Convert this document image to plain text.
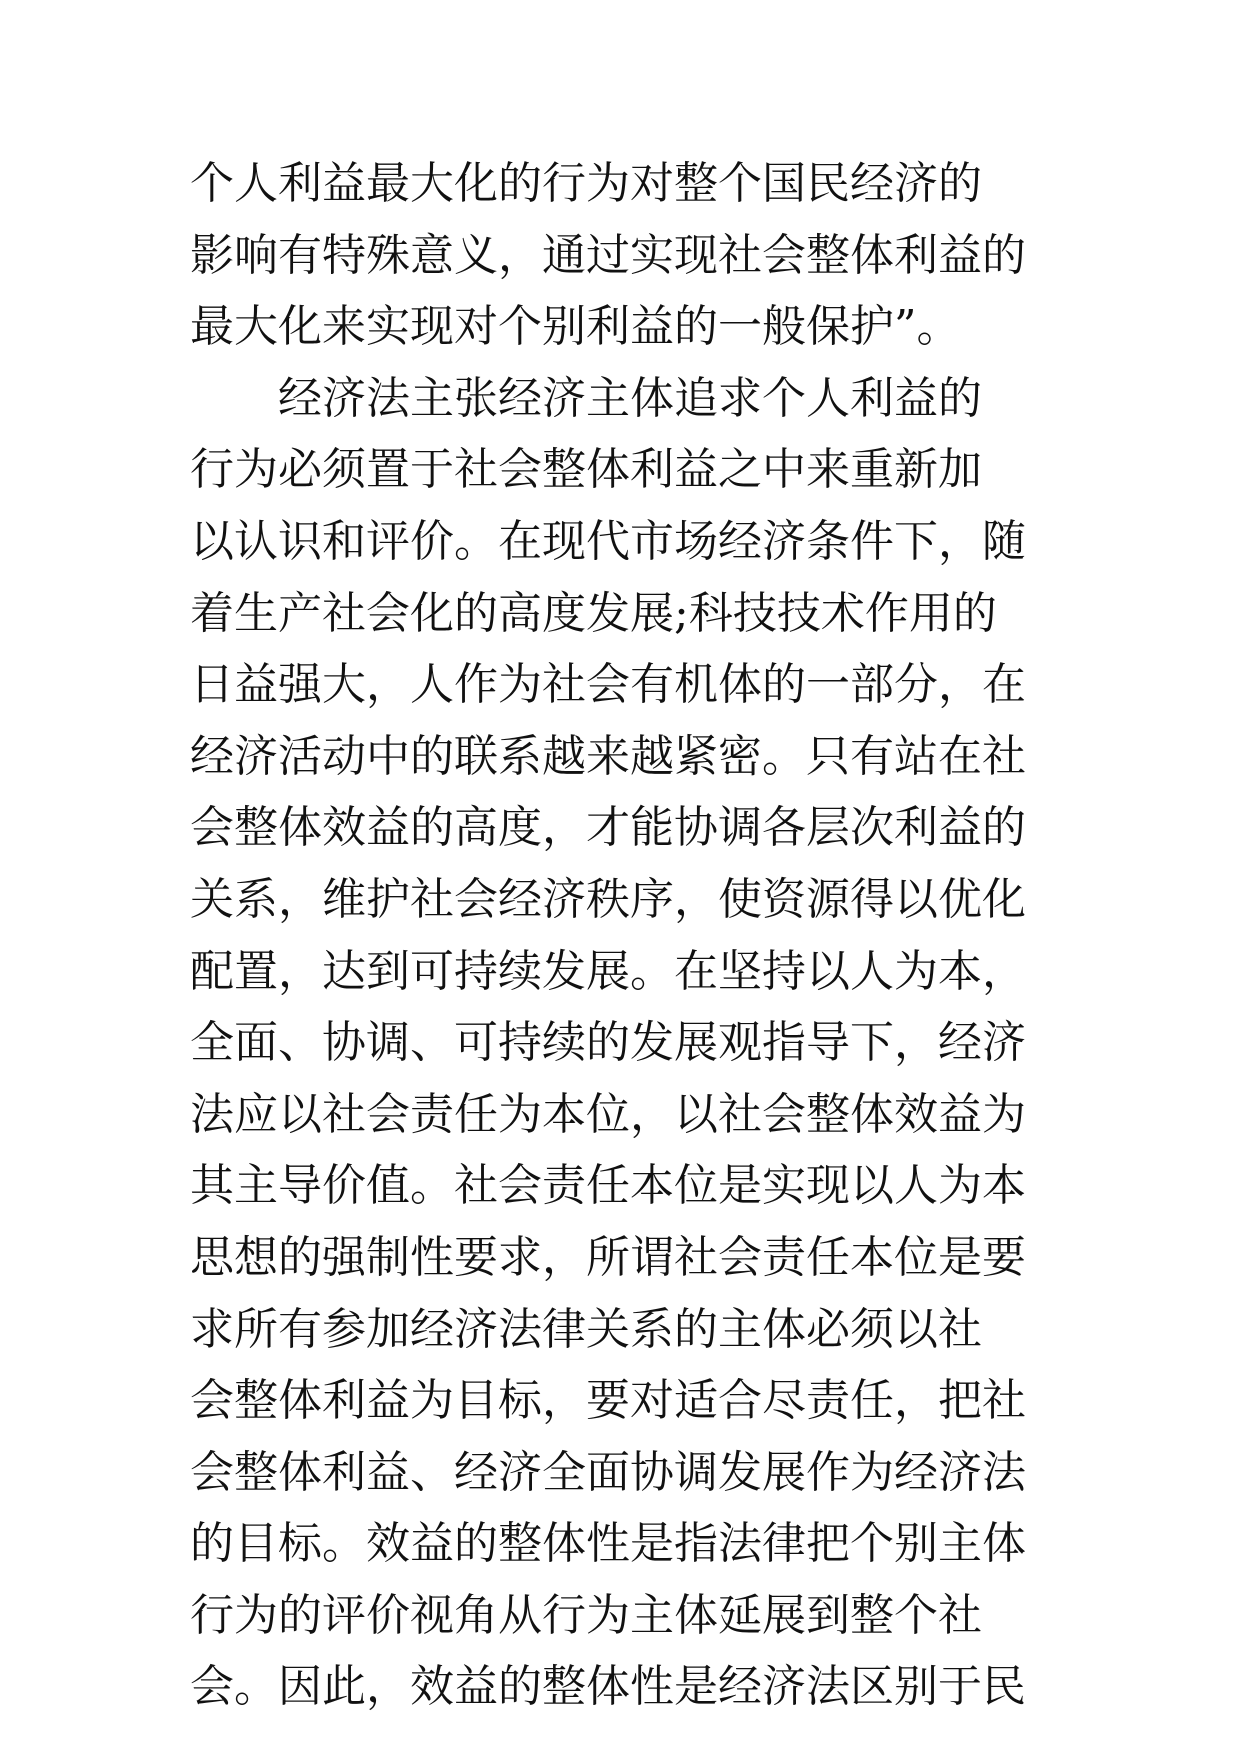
个人利益最大化的行为对整个国民经济的
影响有特殊意义，通过实现社会整体利益的
最大化来实现对个别利益的一般保护”。
经济法主张经济主体追求个人利益的
行为必须置于社会整体利益之中来重新加
以认识和评价。在现代市场经济条件下，随
着生产社会化的高度发展;科技技术作用的
日益强大，人作为社会有机体的一部分，在
经济活动中的联系越来越紧密。只有站在社
会整体效益的高度，才能协调各层次利益的
关系，维护社会经济秩序，使资源得以优化
配置，达到可持续发展。在坚持以人为本，
全面、协调、可持续的发展观指导下，经济
法应以社会责任为本位，以社会整体效益为
其主导价值。社会责任本位是实现以人为本
思想的强制性要求，所谓社会责任本位是要
求所有参加经济法律关系的主体必须以社
会整体利益为目标，要对适合尽责任，把社
会整体利益、经济全面协调发展作为经济法
的目标。效益的整体性是指法律把个别主体
行为的评价视角从行为主体延展到整个社
会。因此，效益的整体性是经济法区别于民
